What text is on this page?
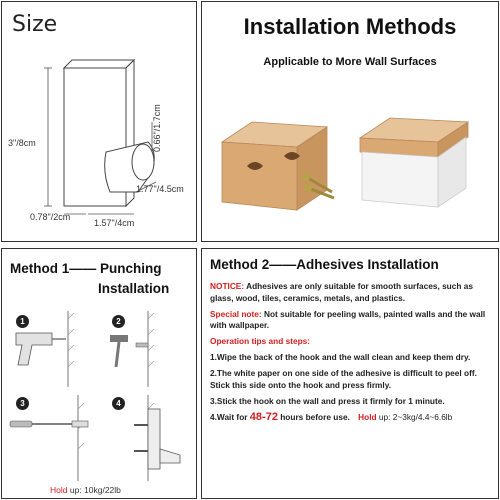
Size
3"/8cm	0.66"/1.7cm
1.77"/4.5cm
0.78"/2cm
1.57"/4cm
Installation Methods
Applicable to More Wall Surfaces
Method 1—— Punching
Installation
1	2
3	4
Hold up: 10kg/22lb
Method 2——Adhesives Installation

NOTICE: Adhesives are only suitable for smooth surfaces, such as glass, wood, tiles, ceramics, metals, and plastics.

Special note: Not suitable for peeling walls, painted walls and the wall with wallpaper.

Operation tips and steps:

1.Wipe the back of the hook and the wall clean and keep them dry.

2.The white paper on one side of the adhesive is difficult to peel off. Stick this side onto the hook and press firmly.

3.Stick the hook on the wall and press it firmly for 1 minute.

4.Wait for 48-72 hours before use. Hold up: 2~3kg/4.4~6.6lb
